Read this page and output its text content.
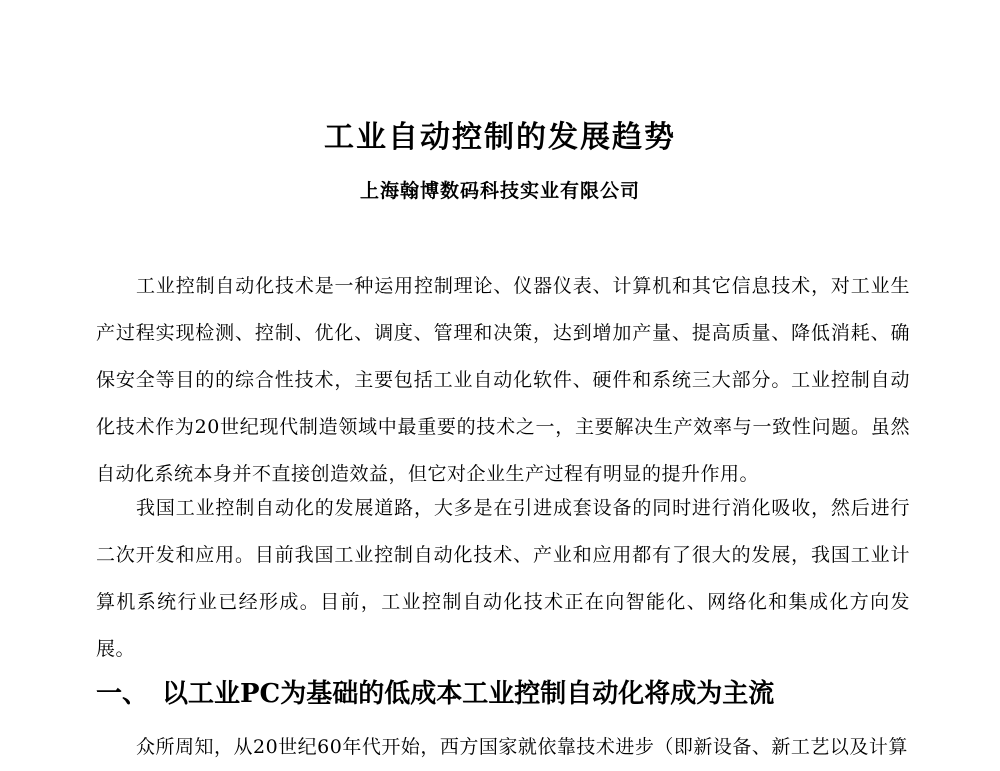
工业自动控制的发展趋势
上海翰博数码科技实业有限公司

工业控制自动化技术是一种运用控制理论、仪器仪表、计算机和其它信息技术，对工业生产过程实现检测、控制、优化、调度、管理和决策，达到增加产量、提高质量、降低消耗、确保安全等目的的综合性技术，主要包括工业自动化软件、硬件和系统三大部分。工业控制自动化技术作为20世纪现代制造领域中最重要的技术之一，主要解决生产效率与一致性问题。虽然自动化系统本身并不直接创造效益，但它对企业生产过程有明显的提升作用。

我国工业控制自动化的发展道路，大多是在引进成套设备的同时进行消化吸收，然后进行二次开发和应用。目前我国工业控制自动化技术、产业和应用都有了很大的发展，我国工业计算机系统行业已经形成。目前，工业控制自动化技术正在向智能化、网络化和集成化方向发展。

一、 以工业PC为基础的低成本工业控制自动化将成为主流

众所周知，从20世纪60年代开始，西方国家就依靠技术进步（即新设备、新工艺以及计算
